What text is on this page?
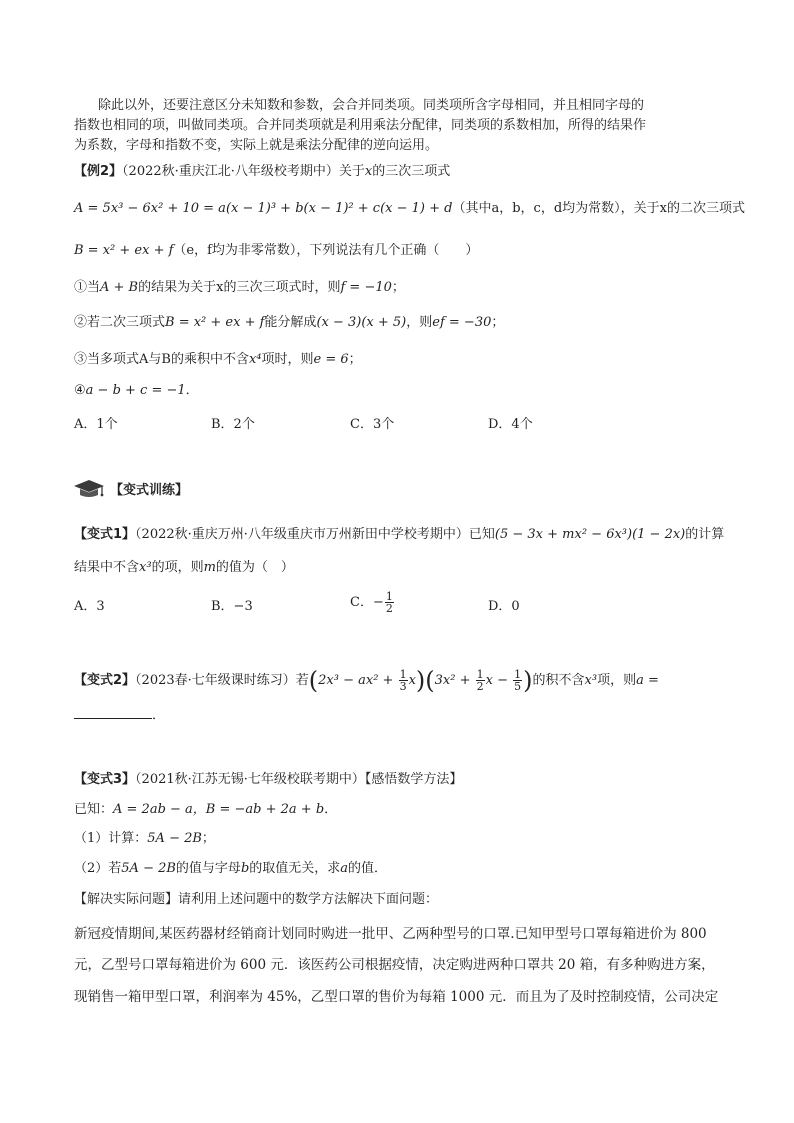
除此以外，还要注意区分未知数和参数，会合并同类项。同类项所含字母相同，并且相同字母的
指数也相同的项，叫做同类项。合并同类项就是利用乘法分配律，同类项的系数相加，所得的结果作
为系数，字母和指数不变，实际上就是乘法分配律的逆向运用。
【例2】（2022秋·重庆江北·八年级校考期中）关于x的三次三项式
A = 5x³ − 6x² + 10 = a(x − 1)³ + b(x − 1)² + c(x − 1) + d（其中a，b，c，d均为常数），关于x的二次三项式
B = x² + ex + f（e，f均为非零常数），下列说法有几个正确（　　）
①当A + B的结果为关于x的三次三项式时，则f = −10；
②若二次三项式B = x² + ex + f能分解成(x − 3)(x + 5)，则ef = −30；
③当多项式A与B的乘积中不含x⁴项时，则e = 6；
④a − b + c = −1．
A．1个	B．2个	C．3个	D．4个
【变式训练】
【变式1】（2022秋·重庆万州·八年级重庆市万州新田中学校考期中）已知(5 − 3x + mx² − 6x³)(1 − 2x)的计算
结果中不含x³的项，则m的值为（　）
A．3	B．−3	C．− $\frac{1}{2}$	D．0
【变式2】（2023春·七年级课时练习）若$(2x^3 - ax^2 + \frac{1}{3} x)(3x^2 + \frac{1}{2}$ $x - \frac{1}{5}$ )的积不含x³项，则a =
．
【变式3】（2021秋·江苏无锡·七年级校联考期中）【感悟数学方法】
已知：A = 2ab − a，B = −ab + 2a + b．
（1）计算：5A − 2B；
（2）若5A − 2B的值与字母b的取值无关，求a的值．
【解决实际问题】请利用上述问题中的数学方法解决下面问题：
新冠疫情期间,某医药器材经销商计划同时购进一批甲、乙两种型号的口罩.已知甲型号口罩每箱进价为 800
元，乙型号口罩每箱进价为 600 元．该医药公司根据疫情，决定购进两种口罩共 20 箱，有多种购进方案，
现销售一箱甲型口罩，利润率为 45%，乙型口罩的售价为每箱 1000 元．而且为了及时控制疫情，公司决定
